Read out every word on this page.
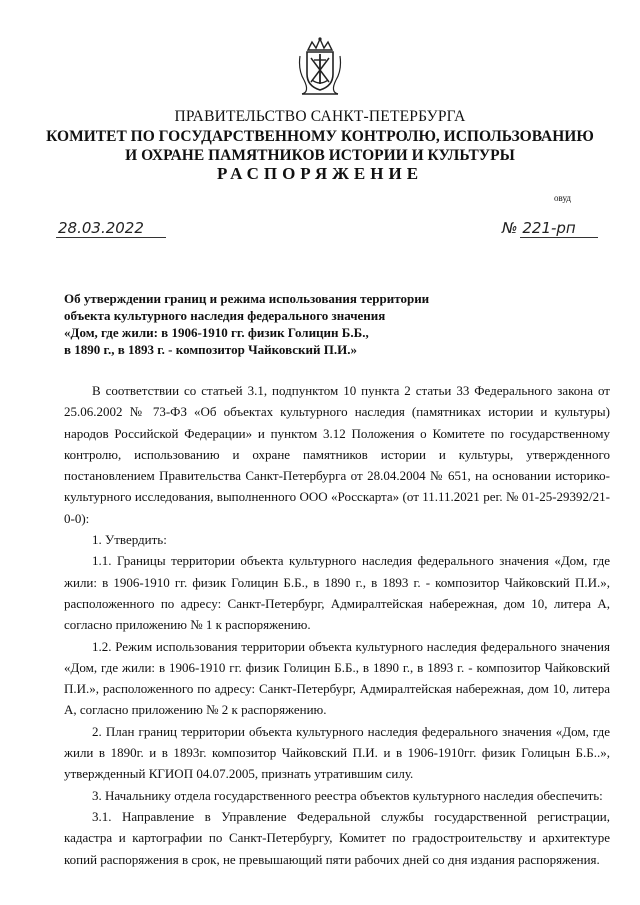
ПРАВИТЕЛЬСТВО САНКТ-ПЕТЕРБУРГА
КОМИТЕТ ПО ГОСУДАРСТВЕННОМУ КОНТРОЛЮ, ИСПОЛЬЗОВАНИЮ
И ОХРАНЕ ПАМЯТНИКОВ ИСТОРИИ И КУЛЬТУРЫ
РАСПОРЯЖЕНИЕ
овуд
28.03.2022	№ 221-рп
Об утверждении границ и режима использования территории
объекта культурного наследия федерального значения
«Дом, где жили: в 1906-1910 гг. физик Голицин Б.Б.,
в 1890 г., в 1893 г. - композитор Чайковский П.И.»

В соответствии со статьей 3.1, подпунктом 10 пункта 2 статьи 33 Федерального закона от 25.06.2002 № 73-ФЗ «Об объектах культурного наследия (памятниках истории и культуры) народов Российской Федерации» и пунктом 3.12 Положения о Комитете по государственному контролю, использованию и охране памятников истории и культуры, утвержденного постановлением Правительства Санкт-Петербурга от 28.04.2004 № 651, на основании историко-культурного исследования, выполненного ООО «Росскарта» (от 11.11.2021 рег. № 01-25-29392/21-0-0):

1. Утвердить:

1.1. Границы территории объекта культурного наследия федерального значения «Дом, где жили: в 1906-1910 гг. физик Голицин Б.Б., в 1890 г., в 1893 г. - композитор Чайковский П.И.», расположенного по адресу: Санкт-Петербург, Адмиралтейская набережная, дом 10, литера А, согласно приложению № 1 к распоряжению.

1.2. Режим использования территории объекта культурного наследия федерального значения «Дом, где жили: в 1906-1910 гг. физик Голицин Б.Б., в 1890 г., в 1893 г. - композитор Чайковский П.И.», расположенного по адресу: Санкт-Петербург, Адмиралтейская набережная, дом 10, литера А, согласно приложению № 2 к распоряжению.

2. План границ территории объекта культурного наследия федерального значения «Дом, где жили в 1890г. и в 1893г. композитор Чайковский П.И. и в 1906-1910гг. физик Голицын Б.Б..», утвержденный КГИОП 04.07.2005, признать утратившим силу.

3. Начальнику отдела государственного реестра объектов культурного наследия обеспечить:

3.1. Направление в Управление Федеральной службы государственной регистрации, кадастра и картографии по Санкт-Петербургу, Комитет по градостроительству и архитектуре копий распоряжения в срок, не превышающий пяти рабочих дней со дня издания распоряжения.
